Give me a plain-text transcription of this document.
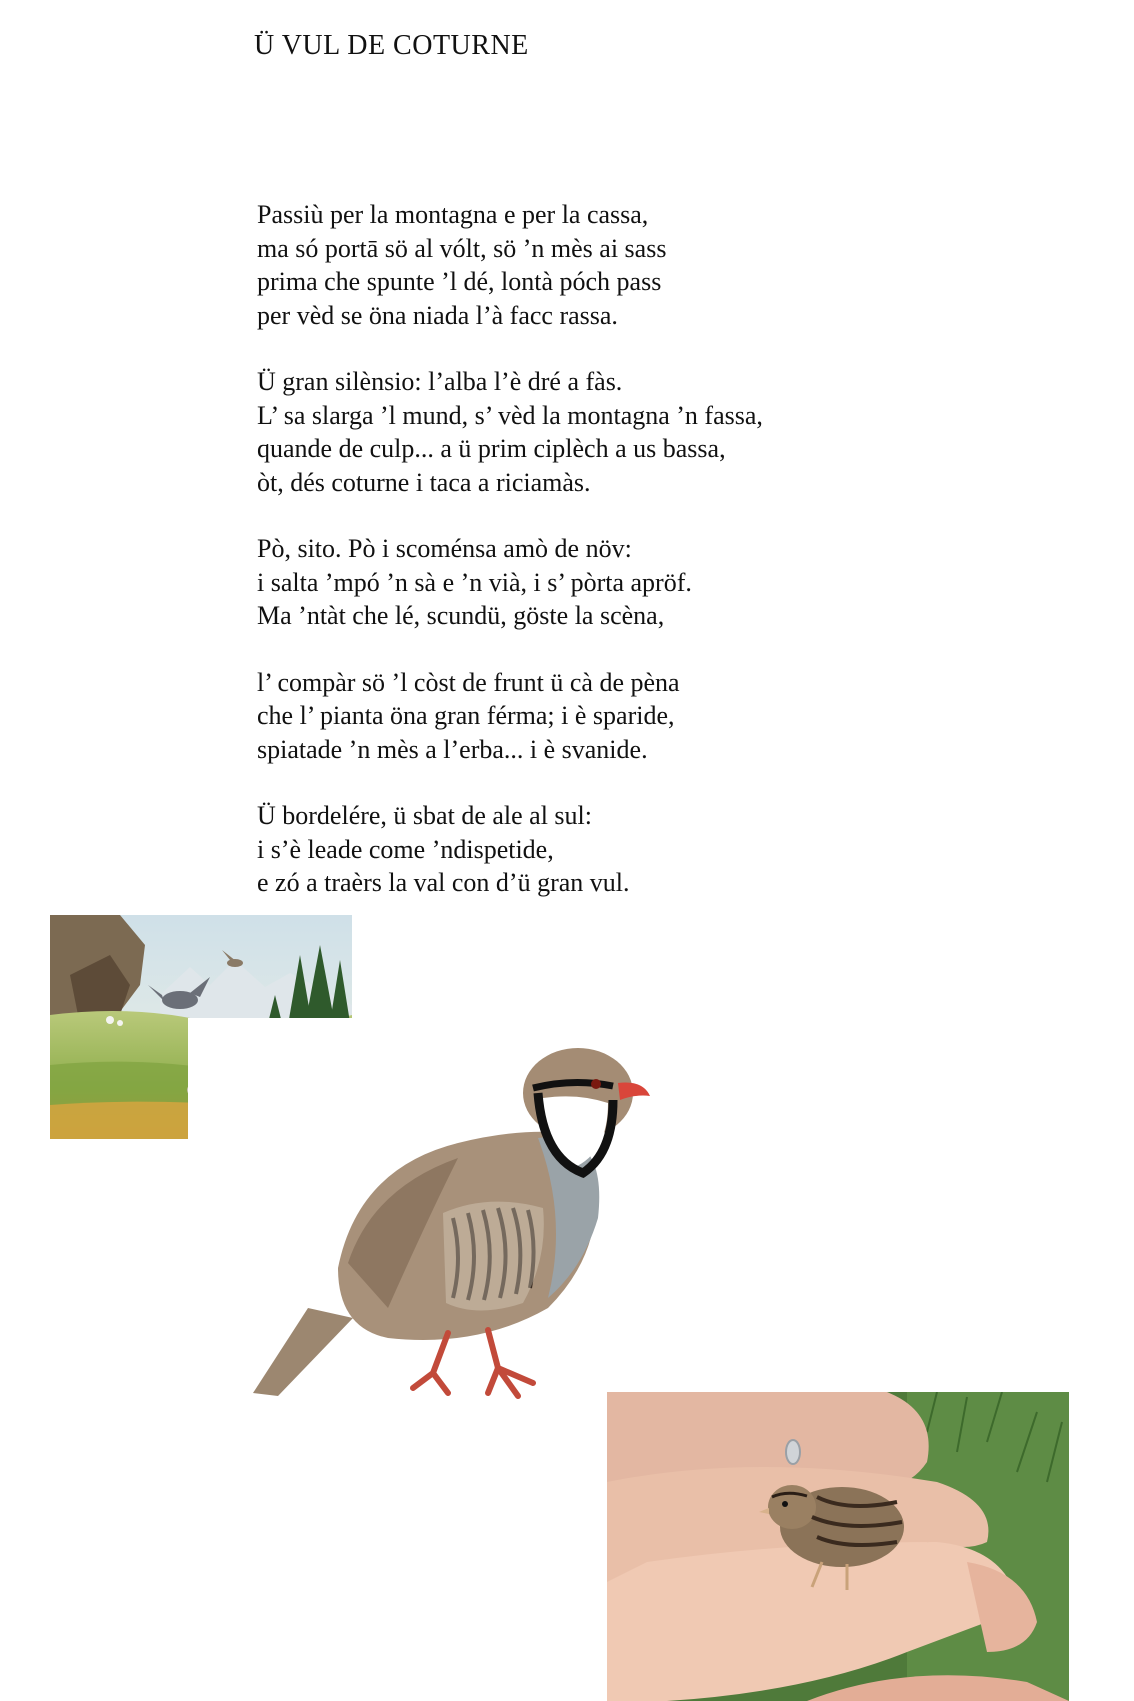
Ü VUL DE COTURNE
Passiù per la montagna e per la cassa,
ma só portā sö al vólt, sö ’n mès ai sass
prima che spunte ’l dé, lontà póch pass
per vèd se öna niada l’à facc rassa.
Ü gran silènsio: l’alba l’è dré a fàs.
L’ sa slarga ’l mund, s’ vèd la montagna ’n fassa,
quande de culp... a ü prim ciplèch a us bassa,
òt, dés coturne i taca a riciamàs.
Pò, sito. Pò i scoménsa amò de növ:
i salta ’mpó ’n sà e ’n vià, i s’ pòrta apröf.
Ma ’ntàt che lé, scundü, göste la scèna,
l’ compàr sö ’l còst de frunt ü cà de pèna
che l’ pianta öna gran férma; i è sparide,
spiatade ’n mès a l’erba... i è svanide.
Ü bordelére, ü sbat de ale al sul:
i s’è leade come ’ndispetide,
e zó a traèrs la val con d’ü gran vul.
